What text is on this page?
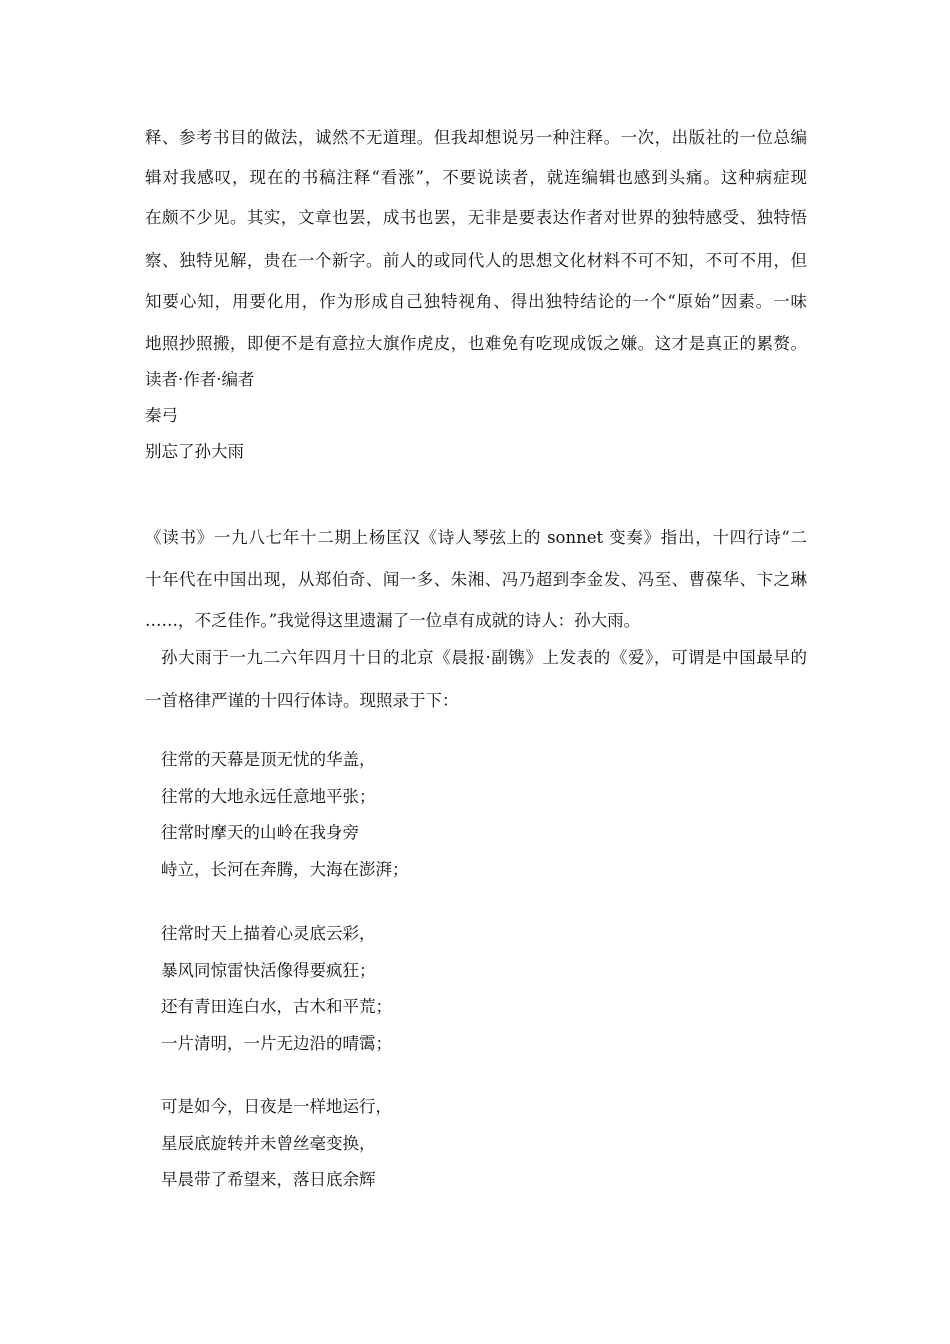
释、参考书目的做法，诚然不无道理。但我却想说另一种注释。一次，出版社的一位总编
辑对我感叹，现在的书稿注释“看涨”，不要说读者，就连编辑也感到头痛。这种病症现
在颇不少见。其实，文章也罢，成书也罢，无非是要表达作者对世界的独特感受、独特悟
察、独特见解，贵在一个新字。前人的或同代人的思想文化材料不可不知，不可不用，但
知要心知，用要化用，作为形成自己独特视角、得出独特结论的一个“原始”因素。一味
地照抄照搬，即便不是有意拉大旗作虎皮，也难免有吃现成饭之嫌。这才是真正的累赘。
读者·作者·编者
秦弓
别忘了孙大雨
《读书》一九八七年十二期上杨匡汉《诗人琴弦上的 sonnet 变奏》指出，十四行诗“二
十年代在中国出现，从郑伯奇、闻一多、朱湘、冯乃超到李金发、冯至、曹葆华、卞之琳
……，不乏佳作。”我觉得这里遗漏了一位卓有成就的诗人：孙大雨。
孙大雨于一九二六年四月十日的北京《晨报·副镌》上发表的《爱》，可谓是中国最早的
一首格律严谨的十四行体诗。现照录于下：
往常的天幕是顶无忧的华盖，
往常的大地永远任意地平张；
往常时摩天的山岭在我身旁
峙立，长河在奔腾，大海在澎湃；
往常时天上描着心灵底云彩，
暴风同惊雷快活像得要疯狂；
还有青田连白水，古木和平荒；
一片清明，一片无边沿的晴霭；
可是如今，日夜是一样地运行，
星辰底旋转并未曾丝毫变换，
早晨带了希望来，落日底余辉
